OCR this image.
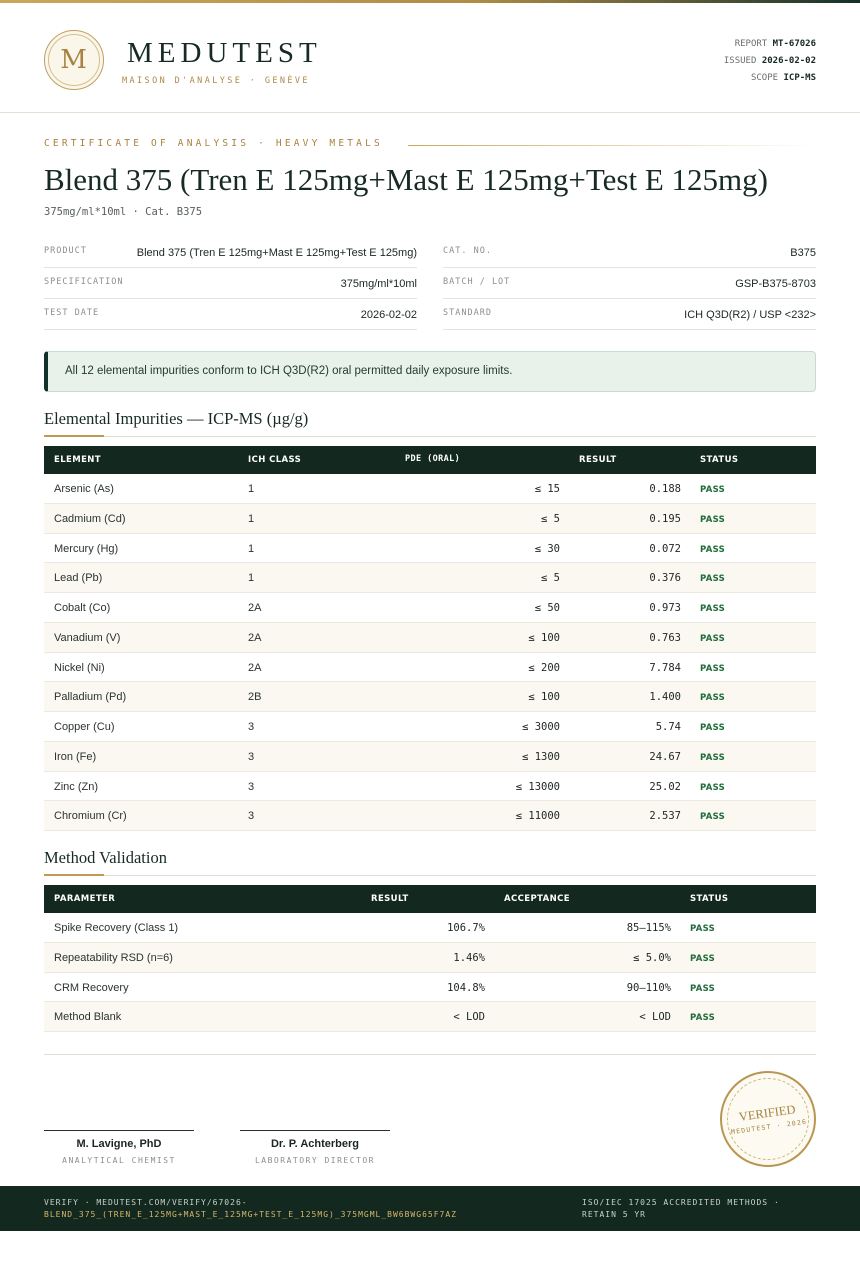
M	MEDUTEST
MAISON D'ANALYSE · GENÈVE
REPORT MT-67026
ISSUED 2026-02-02
SCOPE ICP-MS
CERTIFICATE OF ANALYSIS · HEAVY METALS
Blend 375 (Tren E 125mg+Mast E 125mg+Test E 125mg)
375mg/ml*10ml · Cat. B375
PRODUCT	Blend 375 (Tren E 125mg+Mast E 125mg+Test E 125mg)
SPECIFICATION	375mg/ml*10ml
TEST DATE	2026-02-02
CAT. NO.	B375
BATCH / LOT	GSP-B375-8703
STANDARD	ICH Q3D(R2) / USP <232>
All 12 elemental impurities conform to ICH Q3D(R2) oral permitted daily exposure limits.
Elemental Impurities — ICP-MS (µg/g)
ELEMENT	ICH CLASS	PDE (ORAL)	RESULT	STATUS
Arsenic (As)	1	≤ 15	0.188 PASS
Cadmium (Cd)	1	≤ 5	0.195 PASS
Mercury (Hg)	1	≤ 30	0.072 PASS
Lead (Pb)	1	≤ 5	0.376 PASS
Cobalt (Co)	2A	≤ 50	0.973 PASS
Vanadium (V)	2A	≤ 100	0.763 PASS
Nickel (Ni)	2A	≤ 200	7.784 PASS
Palladium (Pd)	2B	≤ 100	1.400 PASS
Copper (Cu)	3	≤ 3000	5.74 PASS
Iron (Fe)	3	≤ 1300	24.67 PASS
Zinc (Zn)	3	≤ 13000	25.02 PASS
Chromium (Cr)	3	≤ 11000	2.537 PASS
Method Validation
PARAMETER	RESULT	ACCEPTANCE	STATUS
Spike Recovery (Class 1)	106.7%	85–115% PASS
Repeatability RSD (n=6)	1.46%	≤ 5.0% PASS
CRM Recovery	104.8%	90–110% PASS
Method Blank	< LOD	< LOD PASS
M. Lavigne, PhD
ANALYTICAL CHEMIST
Dr. P. Achterberg
LABORATORY DIRECTOR
VERIFIED
MEDUTEST · 2026
VERIFY · MEDUTEST.COM/VERIFY/67026-
BLEND_375_(TREN_E_125MG+MAST_E_125MG+TEST_E_125MG)_375MGML_BW6BWG65F7AZ
ISO/IEC 17025 ACCREDITED METHODS ·
RETAIN 5 YR
